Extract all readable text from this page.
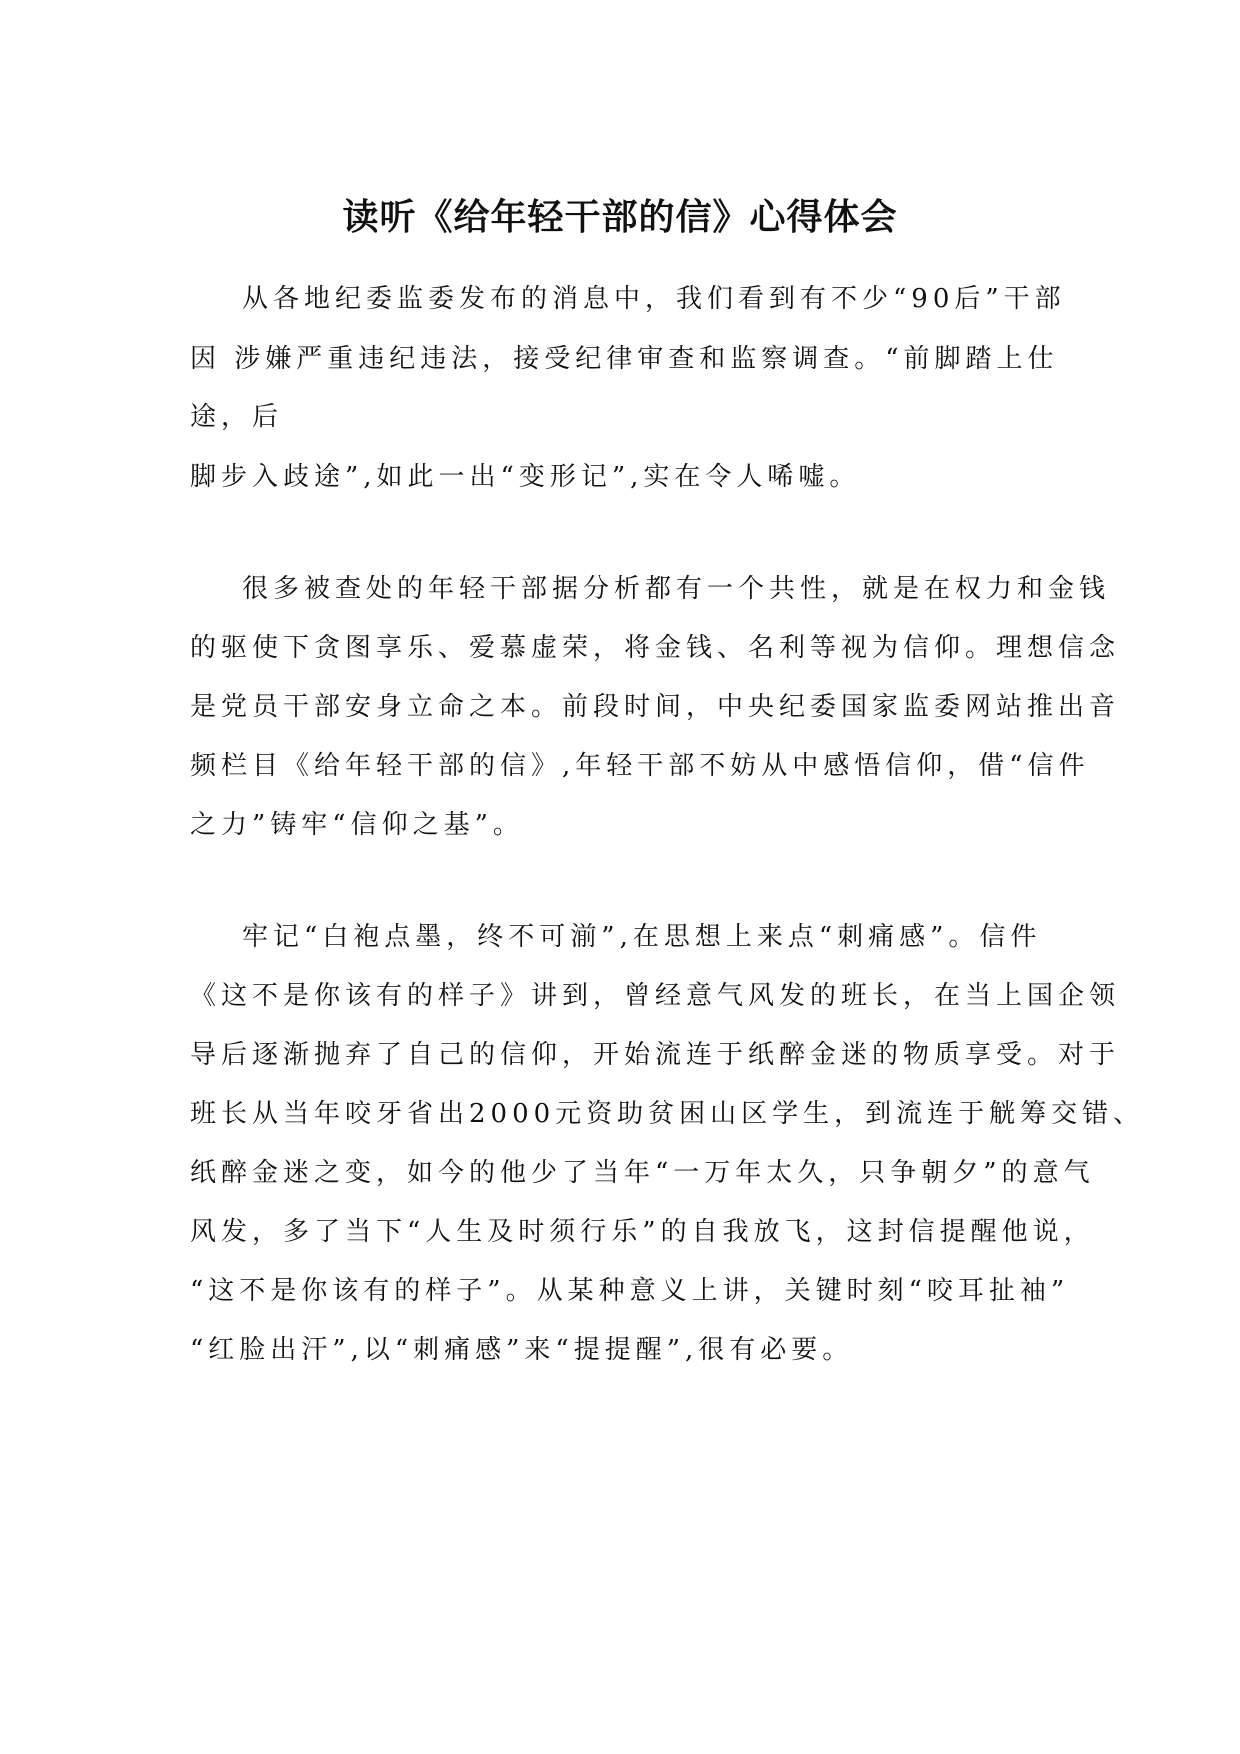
读听《给年轻干部的信》心得体会

从各地纪委监委发布的消息中，我们看到有不少“90后”干部

因 涉嫌严重违纪违法，接受纪律审查和监察调查。“前脚踏上仕

途，后

脚步入歧途”,如此一出“变形记”,实在令人唏嘘。

很多被查处的年轻干部据分析都有一个共性，就是在权力和金钱

的驱使下贪图享乐、爱慕虚荣，将金钱、名利等视为信仰。理想信念

是党员干部安身立命之本。前段时间，中央纪委国家监委网站推出音

频栏目《给年轻干部的信》,年轻干部不妨从中感悟信仰，借“信件

之力”铸牢“信仰之基”。

牢记“白袍点墨，终不可湔”,在思想上来点“刺痛感”。信件

《这不是你该有的样子》讲到，曾经意气风发的班长，在当上国企领

导后逐渐抛弃了自己的信仰，开始流连于纸醉金迷的物质享受。对于

班长从当年咬牙省出2000元资助贫困山区学生，到流连于觥筹交错、

纸醉金迷之变，如今的他少了当年“一万年太久，只争朝夕”的意气

风发，多了当下“人生及时须行乐”的自我放飞，这封信提醒他说，

“这不是你该有的样子”。从某种意义上讲，关键时刻“咬耳扯袖”

“红脸出汗”,以“刺痛感”来“提提醒”,很有必要。
